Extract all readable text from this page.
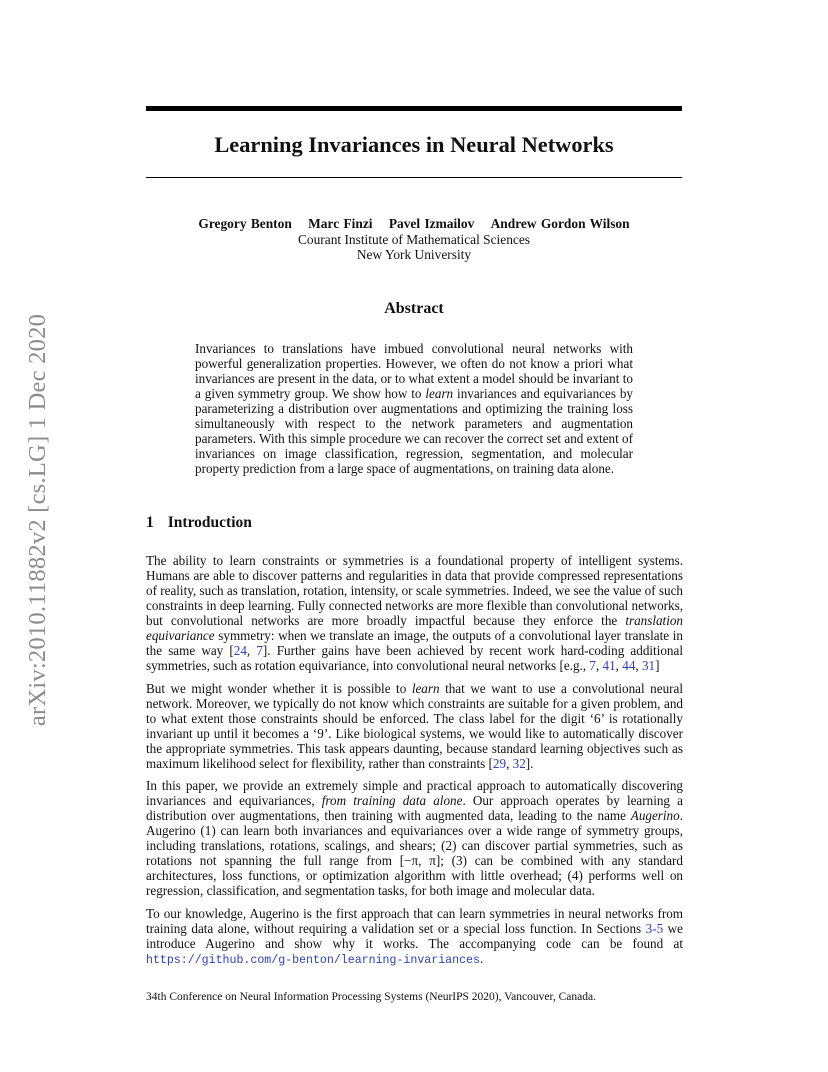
arXiv:2010.11882v2 [cs.LG] 1 Dec 2020
Learning Invariances in Neural Networks
Gregory Benton Marc Finzi Pavel Izmailov Andrew Gordon Wilson
Courant Institute of Mathematical Sciences
New York University
Abstract

Invariances to translations have imbued convolutional neural networks with powerful generalization properties. However, we often do not know a priori what invariances are present in the data, or to what extent a model should be invariant to a given symmetry group. We show how to learn invariances and equivariances by parameterizing a distribution over augmentations and optimizing the training loss simultaneously with respect to the network parameters and augmentation parameters. With this simple procedure we can recover the correct set and extent of invariances on image classification, regression, segmentation, and molecular property prediction from a large space of augmentations, on training data alone.

1 Introduction

The ability to learn constraints or symmetries is a foundational property of intelligent systems. Humans are able to discover patterns and regularities in data that provide compressed representations of reality, such as translation, rotation, intensity, or scale symmetries. Indeed, we see the value of such constraints in deep learning. Fully connected networks are more flexible than convolutional networks, but convolutional networks are more broadly impactful because they enforce the translation equivariance symmetry: when we translate an image, the outputs of a convolutional layer translate in the same way [24, 7]. Further gains have been achieved by recent work hard-coding additional symmetries, such as rotation equivariance, into convolutional neural networks [e.g., 7, 41, 44, 31]

But we might wonder whether it is possible to learn that we want to use a convolutional neural network. Moreover, we typically do not know which constraints are suitable for a given problem, and to what extent those constraints should be enforced. The class label for the digit ‘6’ is rotationally invariant up until it becomes a ‘9’. Like biological systems, we would like to automatically discover the appropriate symmetries. This task appears daunting, because standard learning objectives such as maximum likelihood select for flexibility, rather than constraints [29, 32].

In this paper, we provide an extremely simple and practical approach to automatically discovering invariances and equivariances, from training data alone. Our approach operates by learning a distribution over augmentations, then training with augmented data, leading to the name Augerino. Augerino (1) can learn both invariances and equivariances over a wide range of symmetry groups, including translations, rotations, scalings, and shears; (2) can discover partial symmetries, such as rotations not spanning the full range from [−π, π]; (3) can be combined with any standard architectures, loss functions, or optimization algorithm with little overhead; (4) performs well on regression, classification, and segmentation tasks, for both image and molecular data.

To our knowledge, Augerino is the first approach that can learn symmetries in neural networks from training data alone, without requiring a validation set or a special loss function. In Sections 3-5 we introduce Augerino and show why it works. The accompanying code can be found at https://github.com/g-benton/learning-invariances.

34th Conference on Neural Information Processing Systems (NeurIPS 2020), Vancouver, Canada.
